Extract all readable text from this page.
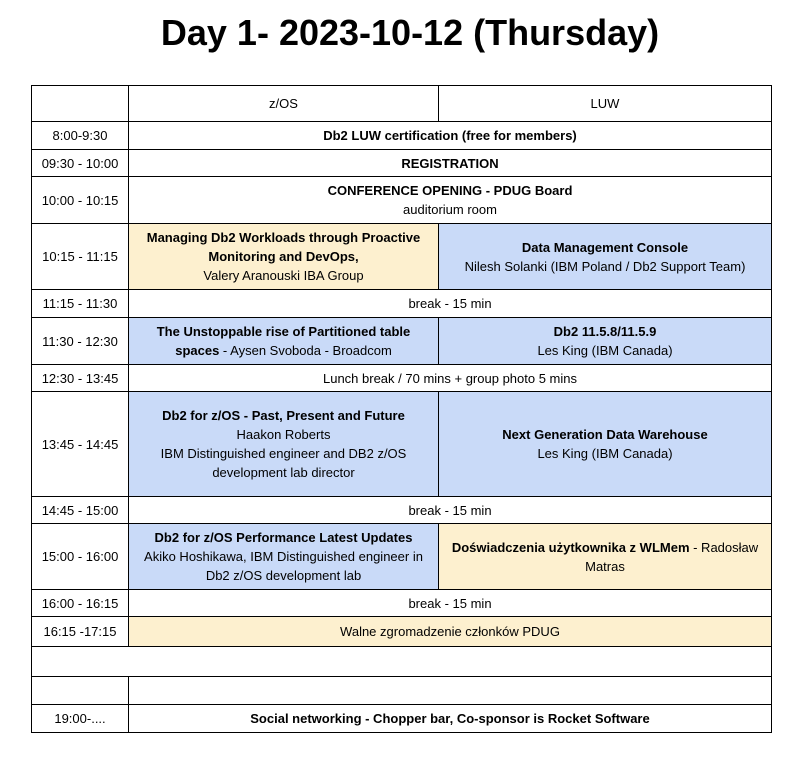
Day 1- 2023-10-12 (Thursday)
	z/OS	LUW
8:00-9:30	Db2 LUW certification (free for members)	
09:30 - 10:00	REGISTRATION	
10:00 - 10:15	CONFERENCE OPENING - PDUG Board
auditorium room	
10:15 - 11:15	Managing Db2 Workloads through Proactive Monitoring and DevOps,
Valery Aranouski IBA Group	Data Management Console
Nilesh Solanki (IBM Poland / Db2 Support Team)
11:15 - 11:30	break - 15 min	
11:30 - 12:30	The Unstoppable rise of Partitioned table spaces - Aysen Svoboda - Broadcom	Db2 11.5.8/11.5.9
Les King (IBM Canada)
12:30 - 13:45	Lunch break / 70 mins + group photo 5 mins	
13:45 - 14:45	Db2 for z/OS - Past, Present and Future
Haakon Roberts
IBM Distinguished engineer and DB2 z/OS development lab director	Next Generation Data Warehouse
Les King (IBM Canada)
14:45 - 15:00	break - 15 min	
15:00 - 16:00	Db2 for z/OS Performance Latest Updates
Akiko Hoshikawa, IBM Distinguished engineer in Db2 z/OS development lab	Doświadczenia użytkownika z WLMem - Radosław Matras
16:00 - 16:15	break - 15 min	
16:15 -17:15	Walne zgromadzenie członków PDUG	

19:00-....	Social networking - Chopper bar, Co-sponsor is Rocket Software	
